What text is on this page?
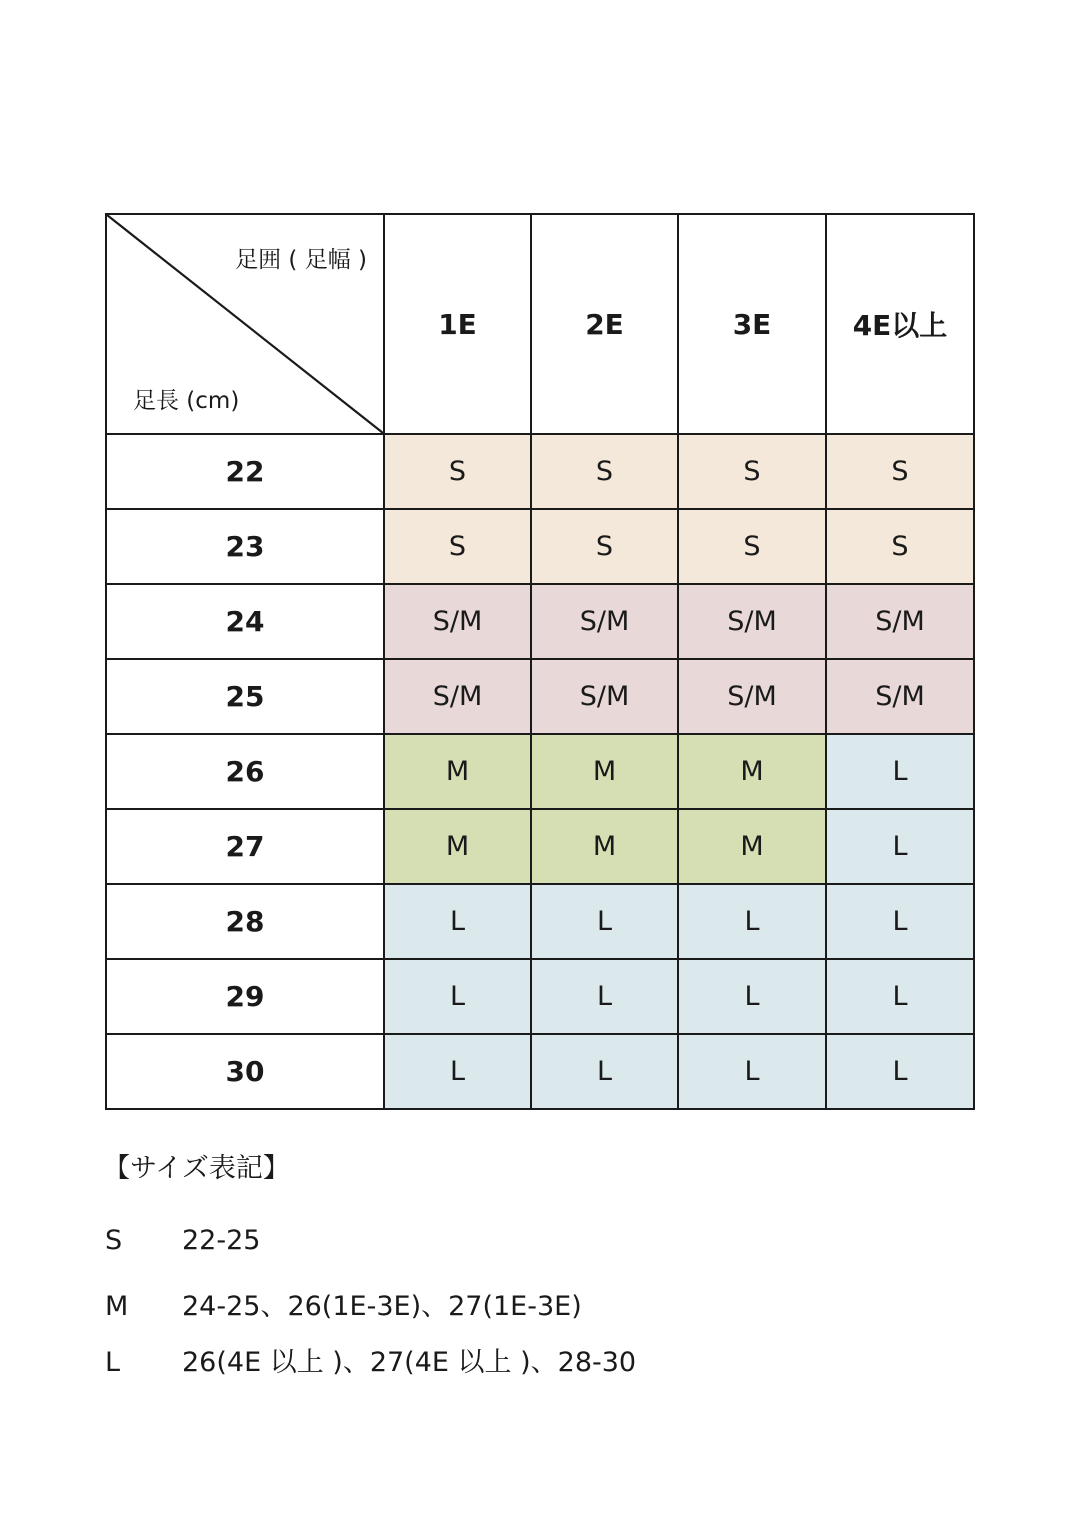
足囲 ( 足幅 )
足長 (cm)	1E	2E	3E	4E以上
22	S	S	S	S
23	S	S	S	S
24	S/M	S/M	S/M	S/M
25	S/M	S/M	S/M	S/M
26	M	M	M	L
27	M	M	M	L
28	L	L	L	L
29	L	L	L	L
30	L	L	L	L
【サイズ表記】
S 22-25
M 24-25、26(1E-3E)、27(1E-3E)
L 26(4E 以上 )、27(4E 以上 )、28-30
